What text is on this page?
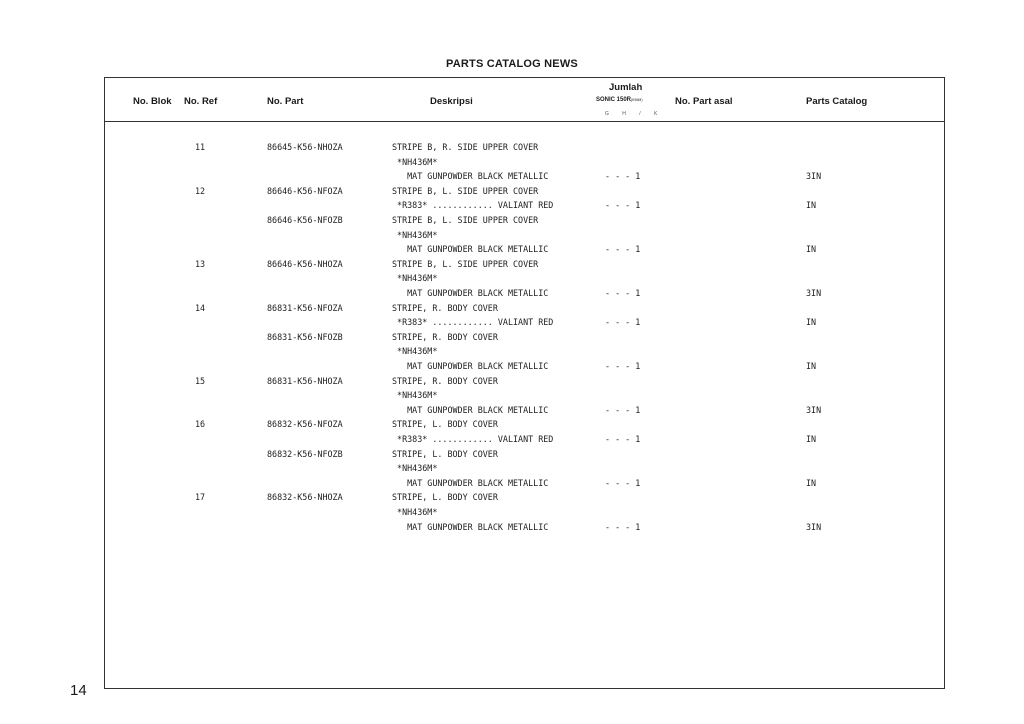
PARTS CATALOG NEWS
No. Blok No. Ref	No. Part	Deskripsi
Jumlah
SONIC 150R(K56M)
G H / K
No. Part asal	Parts Catalog
11	86645-K56-NHOZA	STRIPE B, R. SIDE UPPER COVER
*NH436M*
MAT GUNPOWDER BLACK METALLIC	- - - 1	3IN
12	86646-K56-NFOZA	STRIPE B, L. SIDE UPPER COVER
*R383* ............ VALIANT RED	- - - 1	IN
86646-K56-NFOZB	STRIPE B, L. SIDE UPPER COVER
*NH436M*
MAT GUNPOWDER BLACK METALLIC	- - - 1	IN
13	86646-K56-NHOZA	STRIPE B, L. SIDE UPPER COVER
*NH436M*
MAT GUNPOWDER BLACK METALLIC	- - - 1	3IN
14	86831-K56-NFOZA	STRIPE, R. BODY COVER
*R383* ............ VALIANT RED	- - - 1	IN
86831-K56-NFOZB	STRIPE, R. BODY COVER
*NH436M*
MAT GUNPOWDER BLACK METALLIC	- - - 1	IN
15	86831-K56-NHOZA	STRIPE, R. BODY COVER
*NH436M*
MAT GUNPOWDER BLACK METALLIC	- - - 1	3IN
16	86832-K56-NFOZA	STRIPE, L. BODY COVER
*R383* ............ VALIANT RED	- - - 1	IN
86832-K56-NFOZB	STRIPE, L. BODY COVER
*NH436M*
MAT GUNPOWDER BLACK METALLIC	- - - 1	IN
17	86832-K56-NHOZA	STRIPE, L. BODY COVER
*NH436M*
MAT GUNPOWDER BLACK METALLIC	- - - 1	3IN
14
